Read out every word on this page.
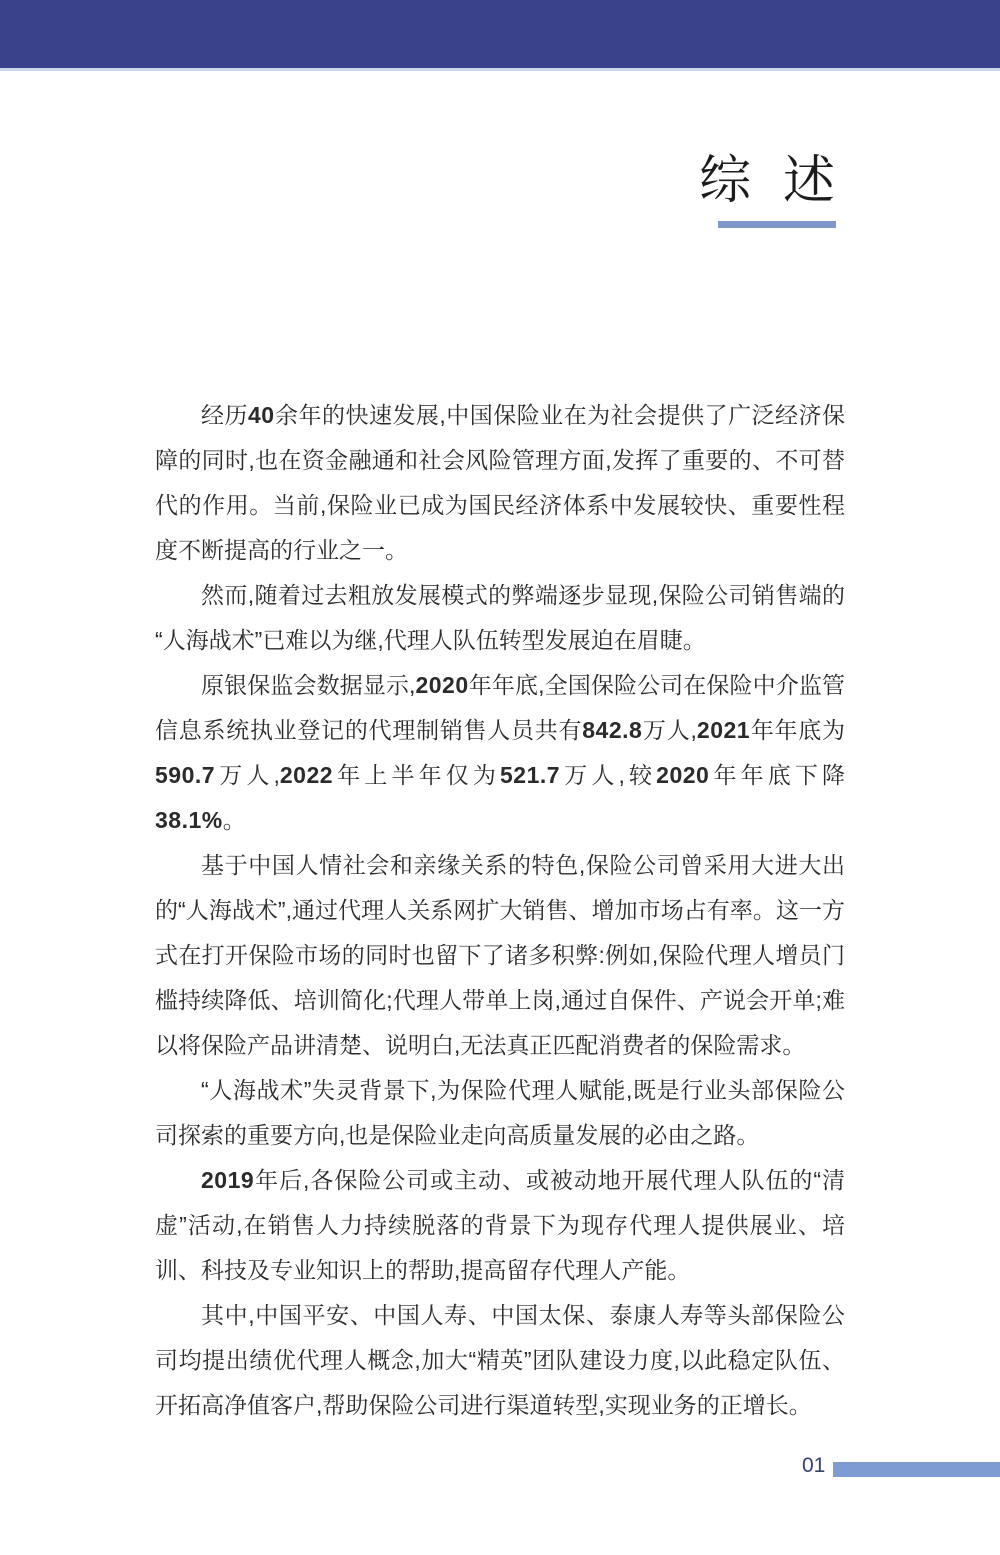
综  述

经历40余年的快速发展,中国保险业在为社会提供了广泛经济保障的同时,也在资金融通和社会风险管理方面,发挥了重要的、不可替代的作用。当前,保险业已成为国民经济体系中发展较快、重要性程度不断提高的行业之一。

然而,随着过去粗放发展模式的弊端逐步显现,保险公司销售端的“人海战术”已难以为继,代理人队伍转型发展迫在眉睫。

原银保监会数据显示,2020年年底,全国保险公司在保险中介监管信息系统执业登记的代理制销售人员共有842.8万人,2021年年底为590.7万人,2022年上半年仅为521.7万人,较2020年年底下降38.1%。

基于中国人情社会和亲缘关系的特色,保险公司曾采用大进大出的“人海战术”,通过代理人关系网扩大销售、增加市场占有率。这一方式在打开保险市场的同时也留下了诸多积弊:例如,保险代理人增员门槛持续降低、培训简化;代理人带单上岗,通过自保件、产说会开单;难以将保险产品讲清楚、说明白,无法真正匹配消费者的保险需求。

“人海战术”失灵背景下,为保险代理人赋能,既是行业头部保险公司探索的重要方向,也是保险业走向高质量发展的必由之路。

2019年后,各保险公司或主动、或被动地开展代理人队伍的“清虚”活动,在销售人力持续脱落的背景下为现存代理人提供展业、培训、科技及专业知识上的帮助,提高留存代理人产能。

其中,中国平安、中国人寿、中国太保、泰康人寿等头部保险公司均提出绩优代理人概念,加大“精英”团队建设力度,以此稳定队伍、开拓高净值客户,帮助保险公司进行渠道转型,实现业务的正增长。

01
